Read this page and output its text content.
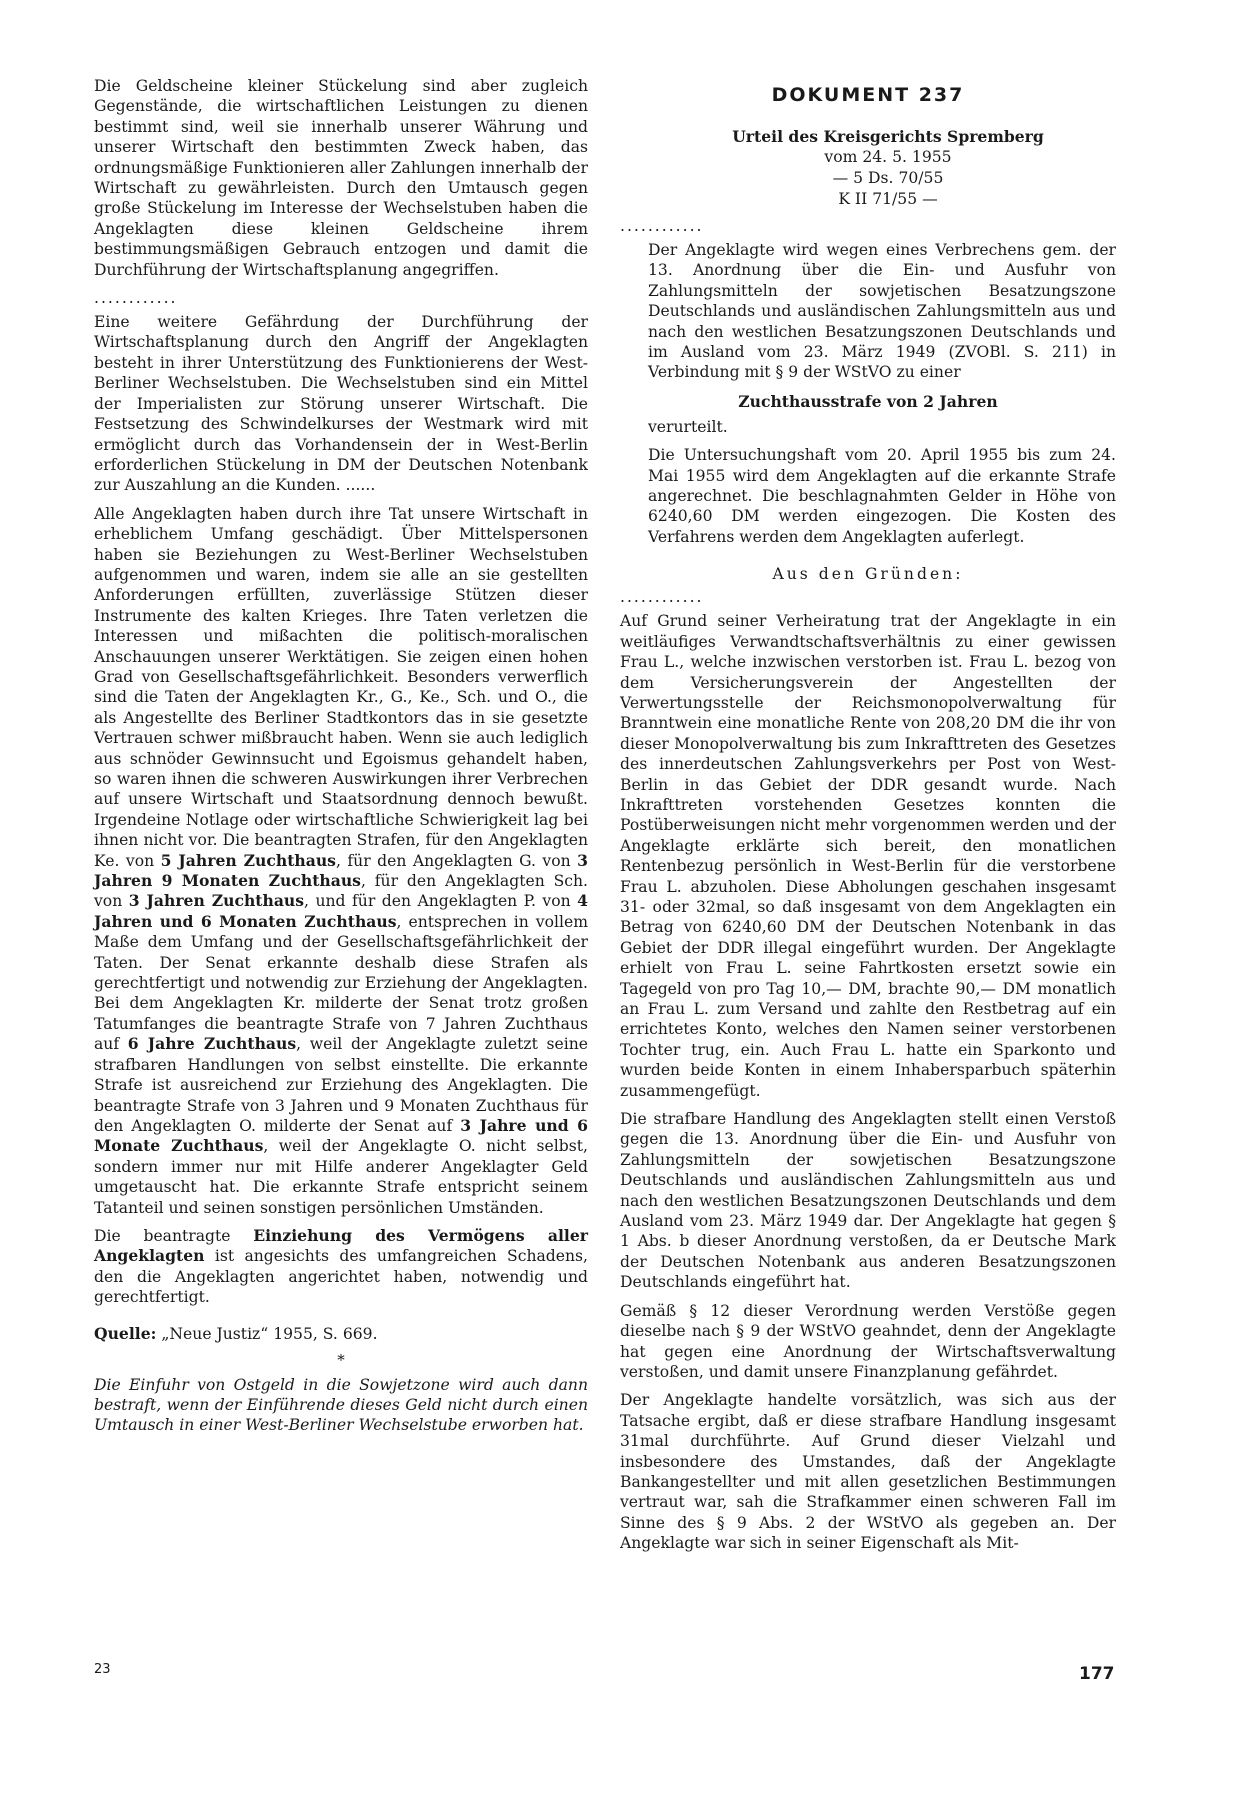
Die Geldscheine kleiner Stückelung sind aber zugleich Gegenstände, die wirtschaftlichen Leistungen zu dienen bestimmt sind, weil sie innerhalb unserer Währung und unserer Wirtschaft den bestimmten Zweck haben, das ordnungsmäßige Funktionieren aller Zahlungen innerhalb der Wirtschaft zu gewährleisten. Durch den Umtausch gegen große Stückelung im Interesse der Wechselstuben haben die Angeklagten diese kleinen Geldscheine ihrem bestimmungsmäßigen Gebrauch entzogen und damit die Durchführung der Wirtschaftsplanung angegriffen.

............

Eine weitere Gefährdung der Durchführung der Wirtschaftsplanung durch den Angriff der Angeklagten besteht in ihrer Unterstützung des Funktionierens der West-Berliner Wechselstuben. Die Wechselstuben sind ein Mittel der Imperialisten zur Störung unserer Wirtschaft. Die Festsetzung des Schwindelkurses der Westmark wird mit ermöglicht durch das Vorhandensein der in West-Berlin erforderlichen Stückelung in DM der Deutschen Notenbank zur Auszahlung an die Kunden. ......

Alle Angeklagten haben durch ihre Tat unsere Wirtschaft in erheblichem Umfang geschädigt. Über Mittelspersonen haben sie Beziehungen zu West-Berliner Wechselstuben aufgenommen und waren, indem sie alle an sie gestellten Anforderungen erfüllten, zuverlässige Stützen dieser Instrumente des kalten Krieges. Ihre Taten verletzen die Interessen und mißachten die politisch-moralischen Anschauungen unserer Werktätigen. Sie zeigen einen hohen Grad von Gesellschaftsgefährlichkeit. Besonders verwerflich sind die Taten der Angeklagten Kr., G., Ke., Sch. und O., die als Angestellte des Berliner Stadtkontors das in sie gesetzte Vertrauen schwer mißbraucht haben. Wenn sie auch lediglich aus schnöder Gewinnsucht und Egoismus gehandelt haben, so waren ihnen die schweren Auswirkungen ihrer Verbrechen auf unsere Wirtschaft und Staatsordnung dennoch bewußt. Irgendeine Notlage oder wirtschaftliche Schwierigkeit lag bei ihnen nicht vor. Die beantragten Strafen, für den Angeklagten Ke. von 5 Jahren Zuchthaus, für den Angeklagten G. von 3 Jahren 9 Monaten Zuchthaus, für den Angeklagten Sch. von 3 Jahren Zuchthaus, und für den Angeklagten P. von 4 Jahren und 6 Monaten Zuchthaus, entsprechen in vollem Maße dem Umfang und der Gesellschaftsgefährlichkeit der Taten. Der Senat erkannte deshalb diese Strafen als gerechtfertigt und notwendig zur Erziehung der Angeklagten. Bei dem Angeklagten Kr. milderte der Senat trotz großen Tatumfanges die beantragte Strafe von 7 Jahren Zuchthaus auf 6 Jahre Zuchthaus, weil der Angeklagte zuletzt seine strafbaren Handlungen von selbst einstellte. Die erkannte Strafe ist ausreichend zur Erziehung des Angeklagten. Die beantragte Strafe von 3 Jahren und 9 Monaten Zuchthaus für den Angeklagten O. milderte der Senat auf 3 Jahre und 6 Monate Zuchthaus, weil der Angeklagte O. nicht selbst, sondern immer nur mit Hilfe anderer Angeklagter Geld umgetauscht hat. Die erkannte Strafe entspricht seinem Tatanteil und seinen sonstigen persönlichen Umständen.

Die beantragte Einziehung des Vermögens aller Angeklagten ist angesichts des umfangreichen Schadens, den die Angeklagten angerichtet haben, notwendig und gerechtfertigt.

Quelle: „Neue Justiz“ 1955, S. 669.
*
Die Einfuhr von Ostgeld in die Sowjetzone wird auch dann bestraft, wenn der Einführende dieses Geld nicht durch einen Umtausch in einer West-Berliner Wechselstube erworben hat.
DOKUMENT 237
Urteil des Kreisgerichts Spremberg
vom 24. 5. 1955
— 5 Ds. 70/55
K II 71/55 —
............

Der Angeklagte wird wegen eines Verbrechens gem. der 13. Anordnung über die Ein- und Ausfuhr von Zahlungsmitteln der sowjetischen Besatzungszone Deutschlands und ausländischen Zahlungsmitteln aus und nach den westlichen Besatzungszonen Deutschlands und im Ausland vom 23. März 1949 (ZVOBl. S. 211) in Verbindung mit § 9 der WStVO zu einer

Zuchthausstrafe von 2 Jahren

verurteilt.

Die Untersuchungshaft vom 20. April 1955 bis zum 24. Mai 1955 wird dem Angeklagten auf die erkannte Strafe angerechnet. Die beschlagnahmten Gelder in Höhe von 6240,60 DM werden eingezogen. Die Kosten des Verfahrens werden dem Angeklagten auferlegt.

Aus den Gründen:
............

Auf Grund seiner Verheiratung trat der Angeklagte in ein weitläufiges Verwandtschaftsverhältnis zu einer gewissen Frau L., welche inzwischen verstorben ist. Frau L. bezog von dem Versicherungsverein der Angestellten der Verwertungsstelle der Reichsmonopolverwaltung für Branntwein eine monatliche Rente von 208,20 DM die ihr von dieser Monopolverwaltung bis zum Inkrafttreten des Gesetzes des innerdeutschen Zahlungsverkehrs per Post von West-Berlin in das Gebiet der DDR gesandt wurde. Nach Inkrafttreten vorstehenden Gesetzes konnten die Postüberweisungen nicht mehr vorgenommen werden und der Angeklagte erklärte sich bereit, den monatlichen Rentenbezug persönlich in West-Berlin für die verstorbene Frau L. abzuholen. Diese Abholungen geschahen insgesamt 31- oder 32mal, so daß insgesamt von dem Angeklagten ein Betrag von 6240,60 DM der Deutschen Notenbank in das Gebiet der DDR illegal eingeführt wurden. Der Angeklagte erhielt von Frau L. seine Fahrtkosten ersetzt sowie ein Tagegeld von pro Tag 10,— DM, brachte 90,— DM monatlich an Frau L. zum Versand und zahlte den Restbetrag auf ein errichtetes Konto, welches den Namen seiner verstorbenen Tochter trug, ein. Auch Frau L. hatte ein Sparkonto und wurden beide Konten in einem Inhabersparbuch späterhin zusammengefügt.

Die strafbare Handlung des Angeklagten stellt einen Verstoß gegen die 13. Anordnung über die Ein- und Ausfuhr von Zahlungsmitteln der sowjetischen Besatzungszone Deutschlands und ausländischen Zahlungsmitteln aus und nach den westlichen Besatzungszonen Deutschlands und dem Ausland vom 23. März 1949 dar. Der Angeklagte hat gegen § 1 Abs. b dieser Anordnung verstoßen, da er Deutsche Mark der Deutschen Notenbank aus anderen Besatzungszonen Deutschlands eingeführt hat.

Gemäß § 12 dieser Verordnung werden Verstöße gegen dieselbe nach § 9 der WStVO geahndet, denn der Angeklagte hat gegen eine Anordnung der Wirtschaftsverwaltung verstoßen, und damit unsere Finanzplanung gefährdet.

Der Angeklagte handelte vorsätzlich, was sich aus der Tatsache ergibt, daß er diese strafbare Handlung insgesamt 31mal durchführte. Auf Grund dieser Vielzahl und insbesondere des Umstandes, daß der Angeklagte Bankangestellter und mit allen gesetzlichen Bestimmungen vertraut war, sah die Strafkammer einen schweren Fall im Sinne des § 9 Abs. 2 der WStVO als gegeben an. Der Angeklagte war sich in seiner Eigenschaft als Mit-

23	177
